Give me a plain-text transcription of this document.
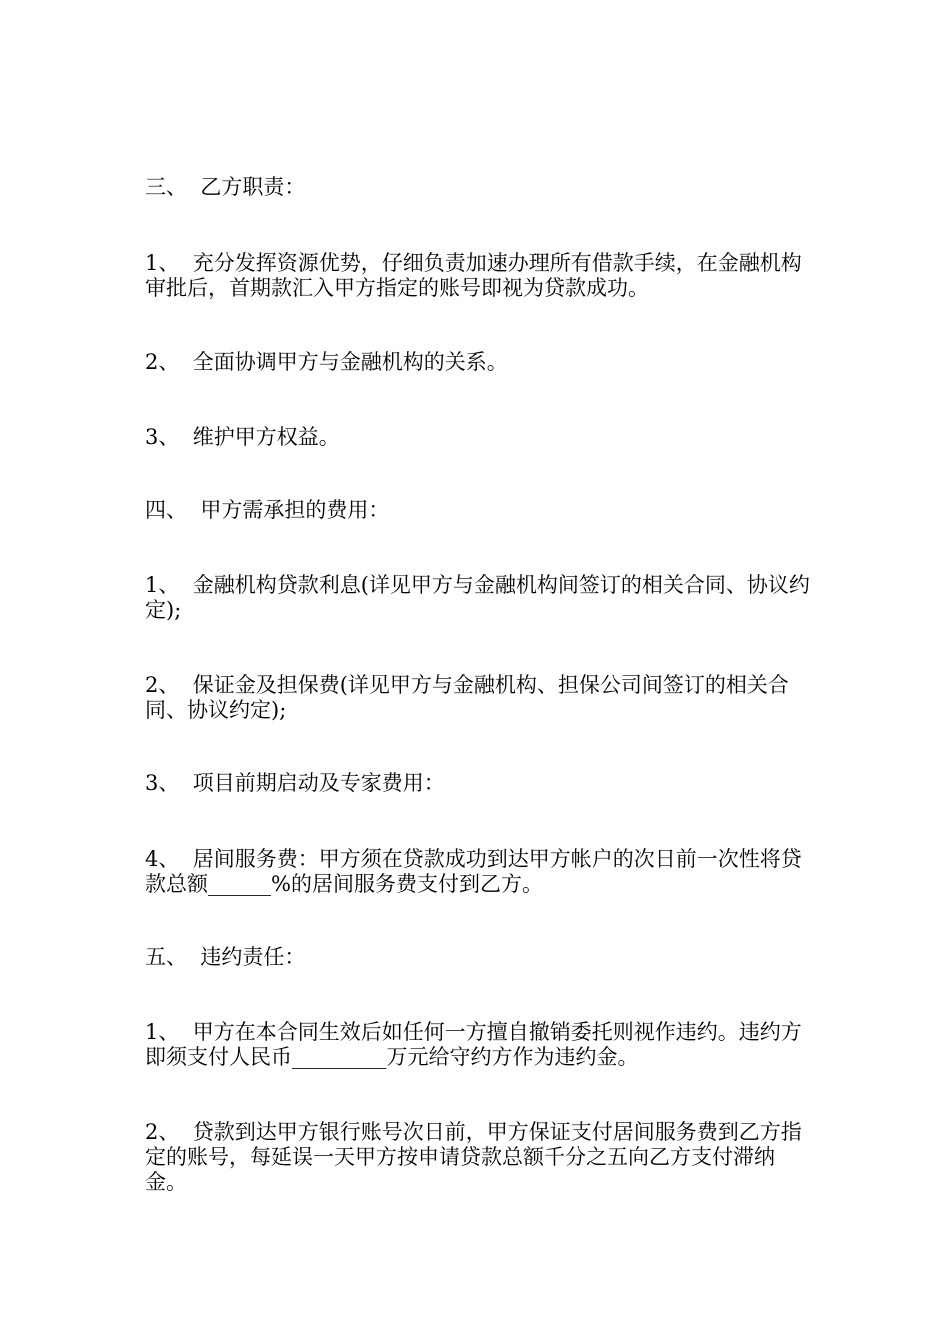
三、  乙方职责：

1、  充分发挥资源优势，仔细负责加速办理所有借款手续，在金融机构审批后，首期款汇入甲方指定的账号即视为贷款成功。

2、  全面协调甲方与金融机构的关系。

3、  维护甲方权益。

四、  甲方需承担的费用：

1、  金融机构贷款利息(详见甲方与金融机构间签订的相关合同、协议约定);

2、  保证金及担保费(详见甲方与金融机构、担保公司间签订的相关合同、协议约定);

3、  项目前期启动及专家费用：

4、  居间服务费：甲方须在贷款成功到达甲方帐户的次日前一次性将贷款总额______%的居间服务费支付到乙方。

五、  违约责任：

1、  甲方在本合同生效后如任何一方擅自撤销委托则视作违约。违约方即须支付人民币_________万元给守约方作为违约金。

2、  贷款到达甲方银行账号次日前，甲方保证支付居间服务费到乙方指定的账号，每延误一天甲方按申请贷款总额千分之五向乙方支付滞纳金。
